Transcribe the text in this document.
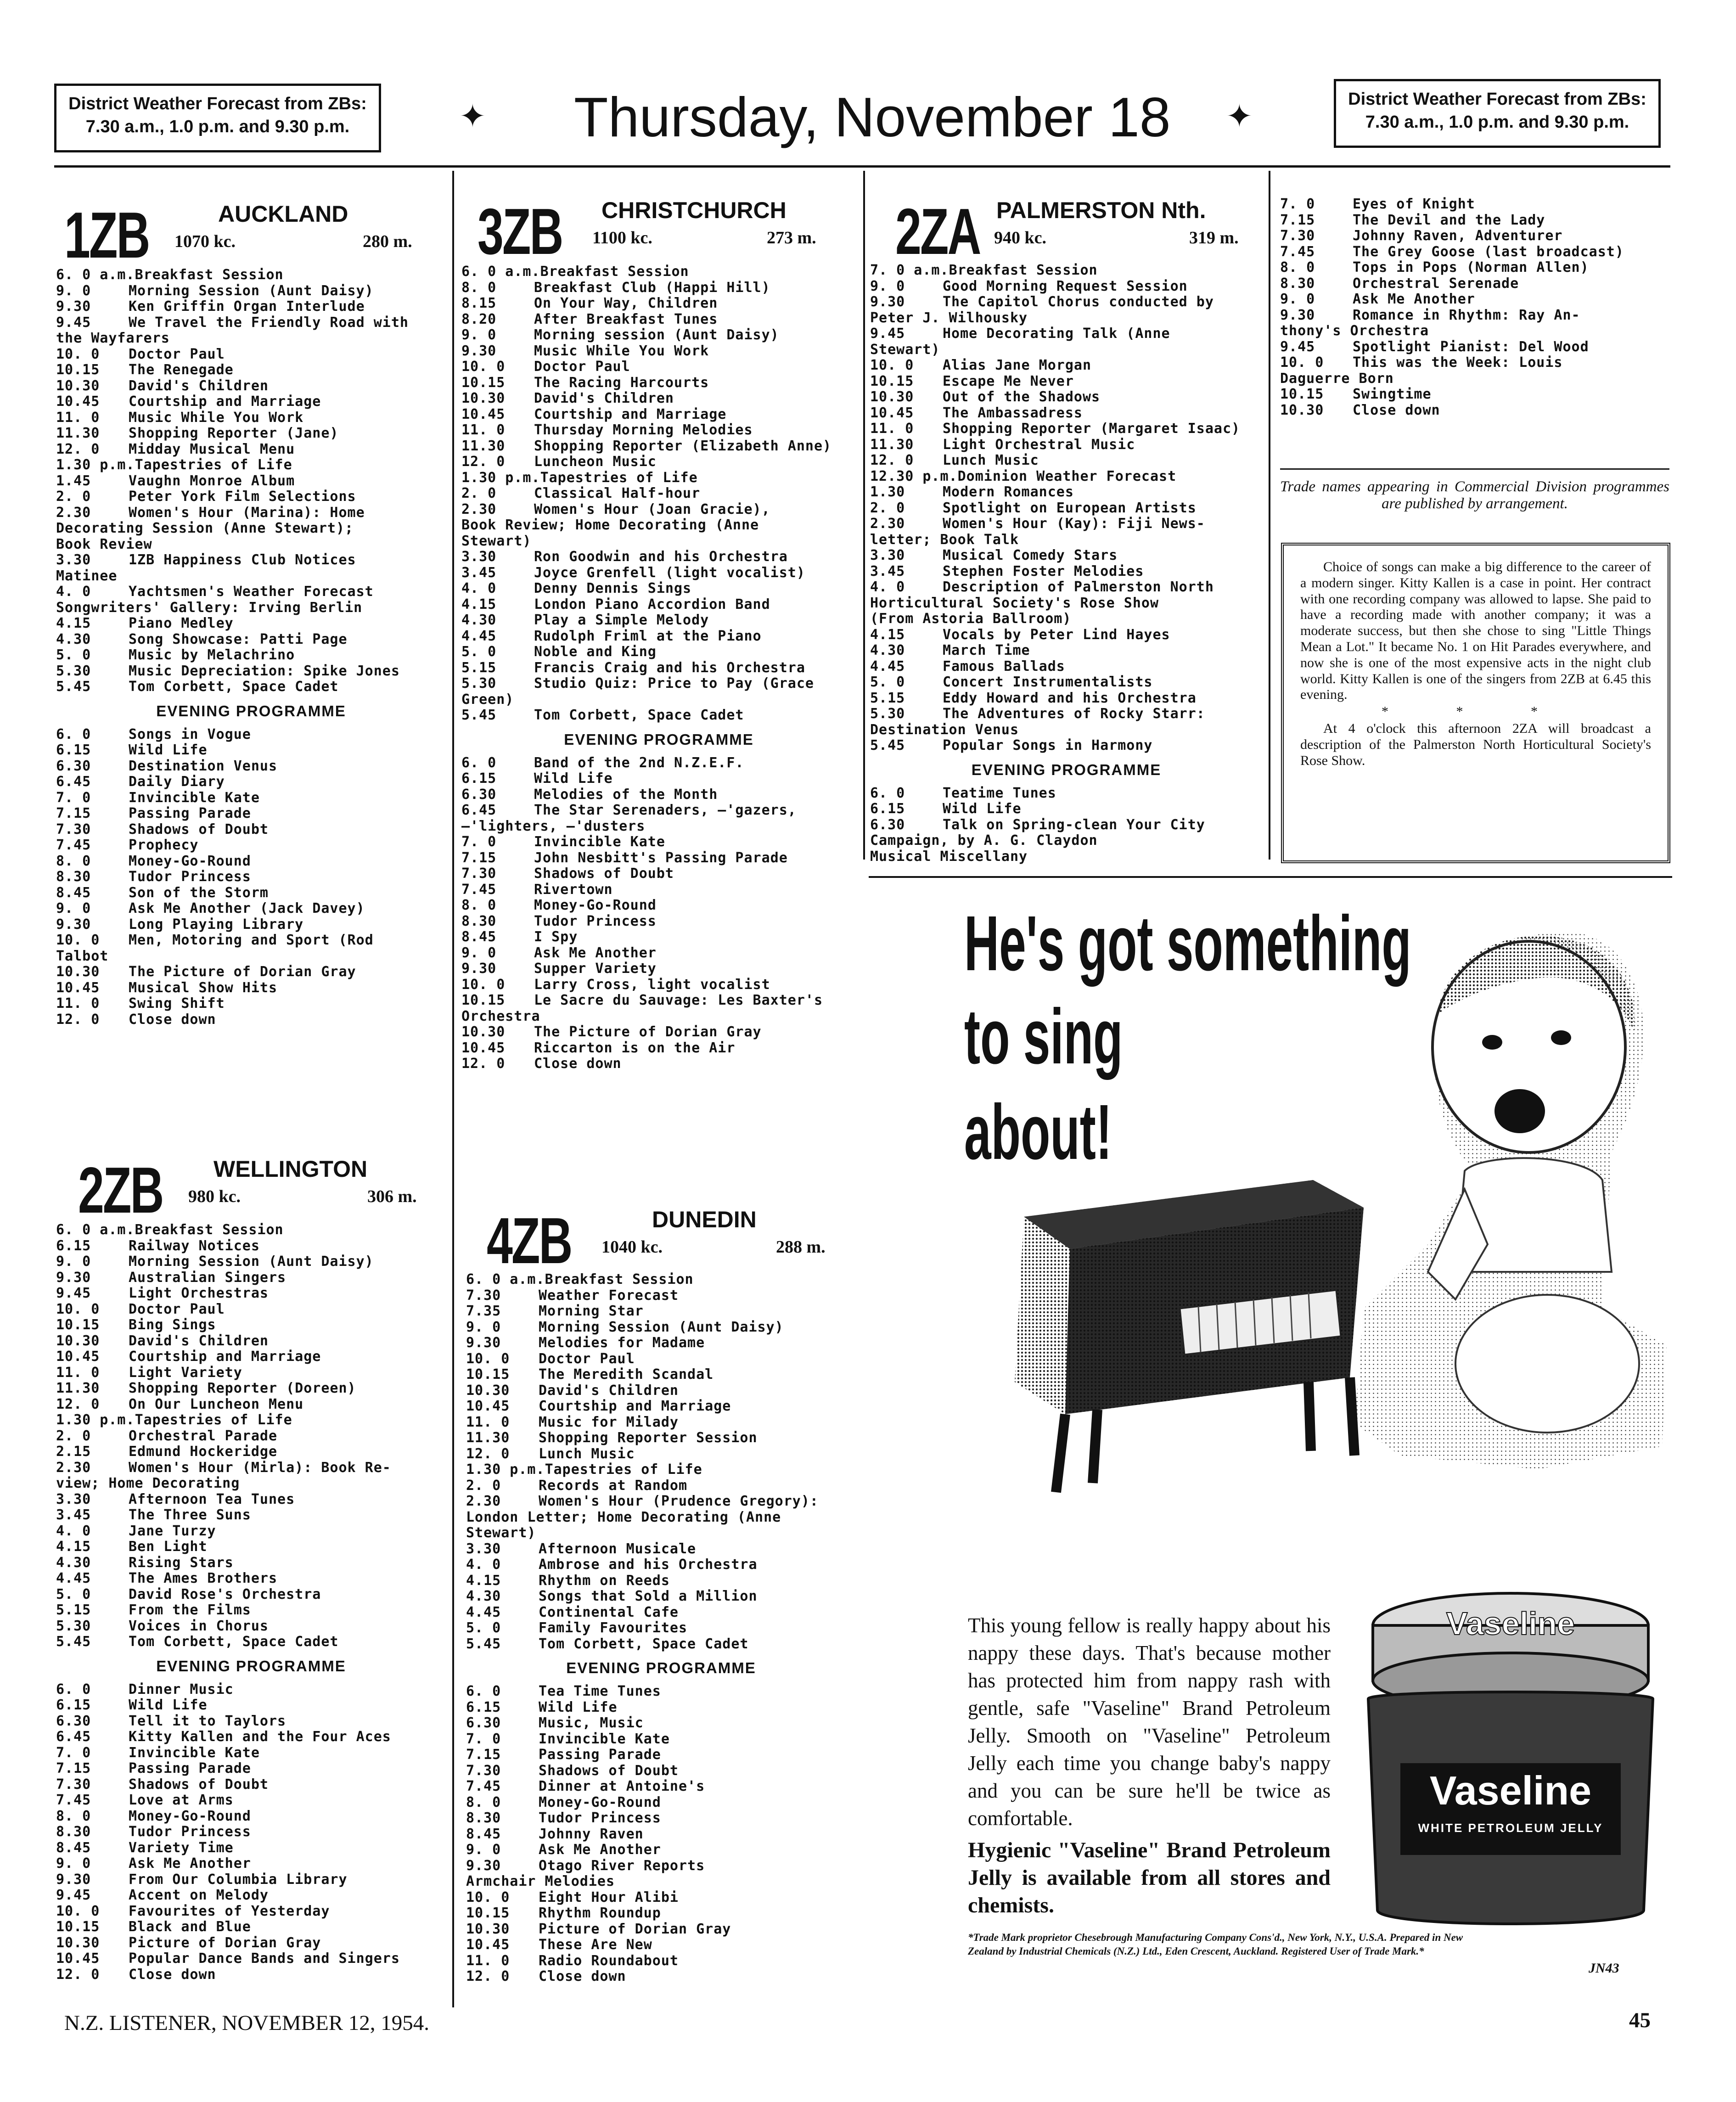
District Weather Forecast from ZBs:
7.30 a.m., 1.0 p.m. and 9.30 p.m.	✦ Thursday, November 18 ✦	District Weather Forecast from ZBs:
7.30 a.m., 1.0 p.m. and 9.30 p.m.
1ZB	AUCKLAND
1070 kc.	280 m.
6. 0 a.m. Breakfast Session
9. 0	Morning Session (Aunt Daisy)
9.30	Ken Griffin Organ Interlude
9.45	We Travel the Friendly Road with
the Wayfarers
10. 0	Doctor Paul
10.15	The Renegade
10.30	David's Children
10.45	Courtship and Marriage
11. 0	Music While You Work
11.30	Shopping Reporter (Jane)
12. 0	Midday Musical Menu
1.30 p.m. Tapestries of Life
1.45	Vaughn Monroe Album
2. 0	Peter York Film Selections
2.30	Women's Hour (Marina): Home
Decorating Session (Anne Stewart);
Book Review
3.30	1ZB Happiness Club Notices
Matinee
4. 0	Yachtsmen's Weather Forecast
Songwriters' Gallery: Irving Berlin
4.15	Piano Medley
4.30	Song Showcase: Patti Page
5. 0	Music by Melachrino
5.30	Music Depreciation: Spike Jones
5.45	Tom Corbett, Space Cadet
EVENING PROGRAMME
6. 0	Songs in Vogue
6.15	Wild Life
6.30	Destination Venus
6.45	Daily Diary
7. 0	Invincible Kate
7.15	Passing Parade
7.30	Shadows of Doubt
7.45	Prophecy
8. 0	Money-Go-Round
8.30	Tudor Princess
8.45	Son of the Storm
9. 0	Ask Me Another (Jack Davey)
9.30	Long Playing Library
10. 0	Men, Motoring and Sport (Rod
Talbot
10.30	The Picture of Dorian Gray
10.45	Musical Show Hits
11. 0	Swing Shift
12. 0	Close down
2ZB WELLINGTON
980 kc.	306 m.
6. 0 a.m. Breakfast Session
6.15	Railway Notices
9. 0	Morning Session (Aunt Daisy)
9.30	Australian Singers
9.45	Light Orchestras
10. 0	Doctor Paul
10.15	Bing Sings
10.30	David's Children
10.45	Courtship and Marriage
11. 0	Light Variety
11.30	Shopping Reporter (Doreen)
12. 0	On Our Luncheon Menu
1.30 p.m. Tapestries of Life
2. 0	Orchestral Parade
2.15	Edmund Hockeridge
2.30	Women's Hour (Mirla): Book Re-
view; Home Decorating
3.30	Afternoon Tea Tunes
3.45	The Three Suns
4. 0	Jane Turzy
4.15	Ben Light
4.30	Rising Stars
4.45	The Ames Brothers
5. 0	David Rose's Orchestra
5.15	From the Films
5.30	Voices in Chorus
5.45	Tom Corbett, Space Cadet
EVENING PROGRAMME
6. 0	Dinner Music
6.15	Wild Life
6.30	Tell it to Taylors
6.45	Kitty Kallen and the Four Aces
7. 0	Invincible Kate
7.15	Passing Parade
7.30	Shadows of Doubt
7.45	Love at Arms
8. 0	Money-Go-Round
8.30	Tudor Princess
8.45	Variety Time
9. 0	Ask Me Another
9.30	From Our Columbia Library
9.45	Accent on Melody
10. 0	Favourites of Yesterday
10.15	Black and Blue
10.30	Picture of Dorian Gray
10.45	Popular Dance Bands and Singers
12. 0	Close down
3ZB CHRISTCHURCH
1100 kc.	273 m.
6. 0 a.m. Breakfast Session
8. 0	Breakfast Club (Happi Hill)
8.15	On Your Way, Children
8.20	After Breakfast Tunes
9. 0	Morning session (Aunt Daisy)
9.30	Music While You Work
10. 0	Doctor Paul
10.15	The Racing Harcourts
10.30	David's Children
10.45	Courtship and Marriage
11. 0	Thursday Morning Melodies
11.30	Shopping Reporter (Elizabeth Anne)
12. 0	Luncheon Music
1.30 p.m. Tapestries of Life
2. 0	Classical Half-hour
2.30	Women's Hour (Joan Gracie),
Book Review; Home Decorating (Anne
Stewart)
3.30	Ron Goodwin and his Orchestra
3.45	Joyce Grenfell (light vocalist)
4. 0	Denny Dennis Sings
4.15	London Piano Accordion Band
4.30	Play a Simple Melody
4.45	Rudolph Friml at the Piano
5. 0	Noble and King
5.15	Francis Craig and his Orchestra
5.30	Studio Quiz: Price to Pay (Grace
Green)
5.45	Tom Corbett, Space Cadet
EVENING PROGRAMME
6. 0	Band of the 2nd N.Z.E.F.
6.15	Wild Life
6.30	Melodies of the Month
6.45	The Star Serenaders, —'gazers,
—'lighters, —'dusters
7. 0	Invincible Kate
7.15	John Nesbitt's Passing Parade
7.30	Shadows of Doubt
7.45	Rivertown
8. 0	Money-Go-Round
8.30	Tudor Princess
8.45	I Spy
9. 0	Ask Me Another
9.30	Supper Variety
10. 0	Larry Cross, light vocalist
10.15	Le Sacre du Sauvage: Les Baxter's
Orchestra
10.30	The Picture of Dorian Gray
10.45	Riccarton is on the Air
12. 0	Close down
4ZB	DUNEDIN
1040 kc.	288 m.
6. 0 a.m. Breakfast Session
7.30	Weather Forecast
7.35	Morning Star
9. 0	Morning Session (Aunt Daisy)
9.30	Melodies for Madame
10. 0	Doctor Paul
10.15	The Meredith Scandal
10.30	David's Children
10.45	Courtship and Marriage
11. 0	Music for Milady
11.30	Shopping Reporter Session
12. 0	Lunch Music
1.30 p.m. Tapestries of Life
2. 0	Records at Random
2.30	Women's Hour (Prudence Gregory):
London Letter; Home Decorating (Anne
Stewart)
3.30	Afternoon Musicale
4. 0	Ambrose and his Orchestra
4.15	Rhythm on Reeds
4.30	Songs that Sold a Million
4.45	Continental Cafe
5. 0	Family Favourites
5.45	Tom Corbett, Space Cadet
EVENING PROGRAMME
6. 0	Tea Time Tunes
6.15	Wild Life
6.30	Music, Music
7. 0	Invincible Kate
7.15	Passing Parade
7.30	Shadows of Doubt
7.45	Dinner at Antoine's
8. 0	Money-Go-Round
8.30	Tudor Princess
8.45	Johnny Raven
9. 0	Ask Me Another
9.30	Otago River Reports
Armchair Melodies
10. 0	Eight Hour Alibi
10.15	Rhythm Roundup
10.30	Picture of Dorian Gray
10.45	These Are New
11. 0	Radio Roundabout
12. 0	Close down
2ZA PALMERSTON Nth.
940 kc.	319 m.
7. 0 a.m. Breakfast Session
9. 0	Good Morning Request Session
9.30	The Capitol Chorus conducted by
Peter J. Wilhousky
9.45	Home Decorating Talk (Anne
Stewart)
10. 0	Alias Jane Morgan
10.15	Escape Me Never
10.30	Out of the Shadows
10.45	The Ambassadress
11. 0	Shopping Reporter (Margaret Isaac)
11.30	Light Orchestral Music
12. 0	Lunch Music
12.30 p.m. Dominion Weather Forecast
1.30	Modern Romances
2. 0	Spotlight on European Artists
2.30	Women's Hour (Kay): Fiji News-
letter; Book Talk
3.30	Musical Comedy Stars
3.45	Stephen Foster Melodies
4. 0	Description of Palmerston North
Horticultural Society's Rose Show
(From Astoria Ballroom)
4.15	Vocals by Peter Lind Hayes
4.30	March Time
4.45	Famous Ballads
5. 0	Concert Instrumentalists
5.15	Eddy Howard and his Orchestra
5.30	The Adventures of Rocky Starr:
Destination Venus
5.45	Popular Songs in Harmony
EVENING PROGRAMME
6. 0	Teatime Tunes
6.15	Wild Life
6.30	Talk on Spring-clean Your City
Campaign, by A. G. Claydon
Musical Miscellany
7. 0	Eyes of Knight
7.15	The Devil and the Lady
7.30	Johnny Raven, Adventurer
7.45	The Grey Goose (last broadcast)
8. 0	Tops in Pops (Norman Allen)
8.30	Orchestral Serenade
9. 0	Ask Me Another
9.30	Romance in Rhythm: Ray An-
thony's Orchestra
9.45	Spotlight Pianist: Del Wood
10. 0	This was the Week: Louis
Daguerre Born
10.15	Swingtime
10.30	Close down
Trade names appearing in Commercial Division programmes are published by arrangement.

Choice of songs can make a big difference to the career of a modern singer. Kitty Kallen is a case in point. Her contract with one recording company was allowed to lapse. She paid to have a recording made with another company; it was a moderate success, but then she chose to sing "Little Things Mean a Lot." It became No. 1 on Hit Parades everywhere, and now she is one of the most expensive acts in the night club world. Kitty Kallen is one of the singers from 2ZB at 6.45 this evening.

* * *

At 4 o'clock this afternoon 2ZA will broadcast a description of the Palmerston North Horticultural Society's Rose Show.

He's got something
to sing
about!
Vaseline
Vaseline
WHITE PETROLEUM JELLY
This young fellow is really happy about his nappy these days. That's because mother has protected him from nappy rash with gentle, safe "Vaseline" Brand Petroleum Jelly. Smooth on "Vaseline" Petroleum Jelly each time you change baby's nappy and you can be sure he'll be twice as comfortable.
Hygienic "Vaseline" Brand Petroleum Jelly is available from all stores and chemists.
*Trade Mark proprietor Chesebrough Manufacturing Company Cons'd., New York, N.Y., U.S.A. Prepared in New Zealand by Industrial Chemicals (N.Z.) Ltd., Eden Crescent, Auckland. Registered User of Trade Mark.*
JN43
N.Z. LISTENER, NOVEMBER 12, 1954.	45
